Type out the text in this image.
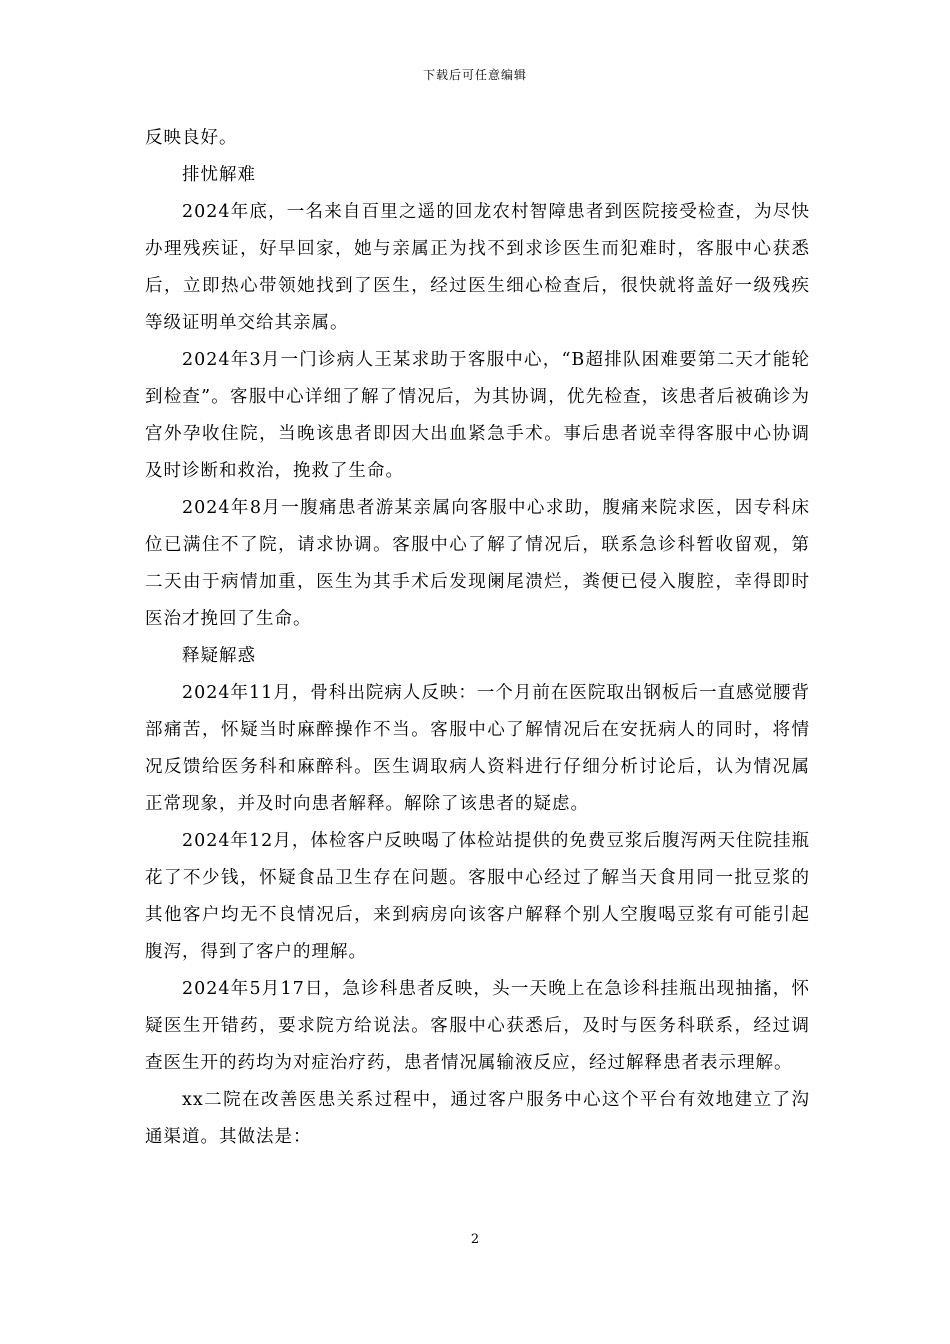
下载后可任意编辑

反映良好。

排忧解难

2024年底，一名来自百里之遥的回龙农村智障患者到医院接受检查，为尽快办理残疾证，好早回家，她与亲属正为找不到求诊医生而犯难时，客服中心获悉后，立即热心带领她找到了医生，经过医生细心检查后，很快就将盖好一级残疾等级证明单交给其亲属。

2024年3月一门诊病人王某求助于客服中心，“B超排队困难要第二天才能轮到检查”。客服中心详细了解了情况后，为其协调，优先检查，该患者后被确诊为宫外孕收住院，当晚该患者即因大出血紧急手术。事后患者说幸得客服中心协调及时诊断和救治，挽救了生命。

2024年8月一腹痛患者游某亲属向客服中心求助，腹痛来院求医，因专科床位已满住不了院，请求协调。客服中心了解了情况后，联系急诊科暂收留观，第二天由于病情加重，医生为其手术后发现阑尾溃烂，粪便已侵入腹腔，幸得即时医治才挽回了生命。

释疑解惑

2024年11月，骨科出院病人反映：一个月前在医院取出钢板后一直感觉腰背部痛苦，怀疑当时麻醉操作不当。客服中心了解情况后在安抚病人的同时，将情况反馈给医务科和麻醉科。医生调取病人资料进行仔细分析讨论后，认为情况属正常现象，并及时向患者解释。解除了该患者的疑虑。

2024年12月，体检客户反映喝了体检站提供的免费豆浆后腹泻两天住院挂瓶花了不少钱，怀疑食品卫生存在问题。客服中心经过了解当天食用同一批豆浆的其他客户均无不良情况后，来到病房向该客户解释个别人空腹喝豆浆有可能引起腹泻，得到了客户的理解。

2024年5月17日，急诊科患者反映，头一天晚上在急诊科挂瓶出现抽搐，怀疑医生开错药，要求院方给说法。客服中心获悉后，及时与医务科联系，经过调查医生开的药均为对症治疗药，患者情况属输液反应，经过解释患者表示理解。

xx二院在改善医患关系过程中，通过客户服务中心这个平台有效地建立了沟通渠道。其做法是：

2
